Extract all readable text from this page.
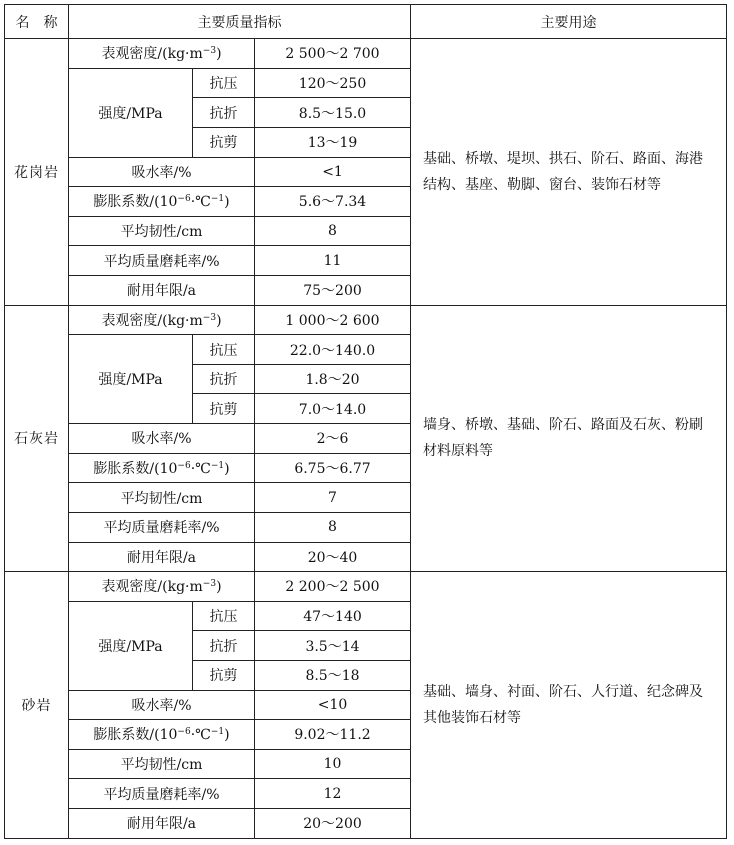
名　称	主要质量指标			主要用途
花岗岩	表观密度$/(kg\cdot m^{-3})$		2 500～2 700	基础、桥墩、堤坝、拱石、阶石、路面、海港结构、基座、勒脚、窗台、装饰石材等
	强度/MPa	抗压	120～250	
		抗折	8.5～15.0	
		抗剪	13～19	
	吸水率/%		<1	
	膨胀系数$/(10^{-6}\cdot℃^{-1})$		5.6～7.34	
	平均韧性/cm		8	
	平均质量磨耗率/%		11	
	耐用年限/a		75～200	
石灰岩	表观密度$/(kg\cdot m^{-3})$		1 000～2 600	墙身、桥墩、基础、阶石、路面及石灰、粉刷材料原料等
	强度/MPa	抗压	22.0～140.0	
		抗折	1.8～20	
		抗剪	7.0～14.0	
	吸水率/%		2～6	
	膨胀系数$/(10^{-6}\cdot℃^{-1})$		6.75～6.77	
	平均韧性/cm		7	
	平均质量磨耗率/%		8	
	耐用年限/a		20～40	
砂岩	表观密度$/(kg\cdot m^{-3})$		2 200～2 500	基础、墙身、衬面、阶石、人行道、纪念碑及其他装饰石材等
	强度/MPa	抗压	47～140	
		抗折	3.5～14	
		抗剪	8.5～18	
	吸水率/%		<10	
	膨胀系数$/(10^{-6}\cdot℃^{-1})$		9.02～11.2	
	平均韧性/cm		10	
	平均质量磨耗率/%		12	
	耐用年限/a		20～200	
